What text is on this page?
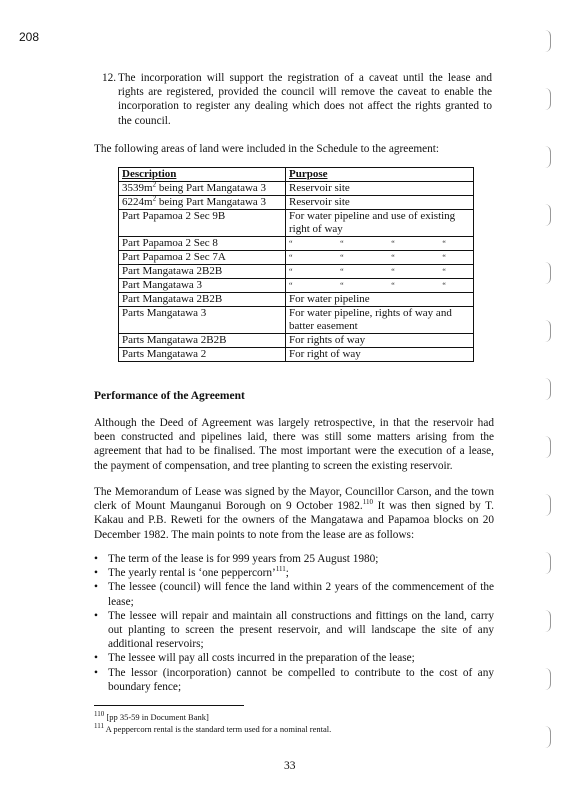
208
12. The incorporation will support the registration of a caveat until the lease and rights are registered, provided the council will remove the caveat to enable the incorporation to register any dealing which does not affect the rights granted to the council.
The following areas of land were included in the Schedule to the agreement:
Description	Purpose
$3539m^2$ being Part Mangatawa 3	Reservoir site
$6224m^2$ being Part Mangatawa 3	Reservoir site
Part Papamoa 2 Sec 9B	For water pipeline and use of existing right of way
Part Papamoa 2 Sec 8	“ “ “ “

Part Papamoa 2 Sec 7A	“ “ “ “

Part Mangatawa 2B2B	“ “ “ “

Part Mangatawa 3	“ “ “ “

Part Mangatawa 2B2B	For water pipeline
Parts Mangatawa 3	For water pipeline, rights of way and batter easement
Parts Mangatawa 2B2B	For rights of way
Parts Mangatawa 2	For right of way
Performance of the Agreement
Although the Deed of Agreement was largely retrospective, in that the reservoir had been constructed and pipelines laid, there was still some matters arising from the agreement that had to be finalised. The most important were the execution of a lease, the payment of compensation, and tree planting to screen the existing reservoir.
The Memorandum of Lease was signed by the Mayor, Councillor Carson, and the town clerk of Mount Maunganui Borough on 9 October 1982.$^{110}$ It was then signed by T. Kakau and P.B. Reweti for the owners of the Mangatawa and Papamoa blocks on 20 December 1982. The main points to note from the lease are as follows:
• The term of the lease is for 999 years from 25 August 1980;
• The yearly rental is ‘one peppercorn’$^{111}$;
• The lessee (council) will fence the land within 2 years of the commencement of the lease;
• The lessee will repair and maintain all constructions and fittings on the land, carry out planting to screen the present reservoir, and will landscape the site of any additional reservoirs;
• The lessee will pay all costs incurred in the preparation of the lease;
• The lessor (incorporation) cannot be compelled to contribute to the cost of any boundary fence;
$^{110}$ [pp 35-59 in Document Bank]
$^{111}$ A peppercorn rental is the standard term used for a nominal rental.
33
